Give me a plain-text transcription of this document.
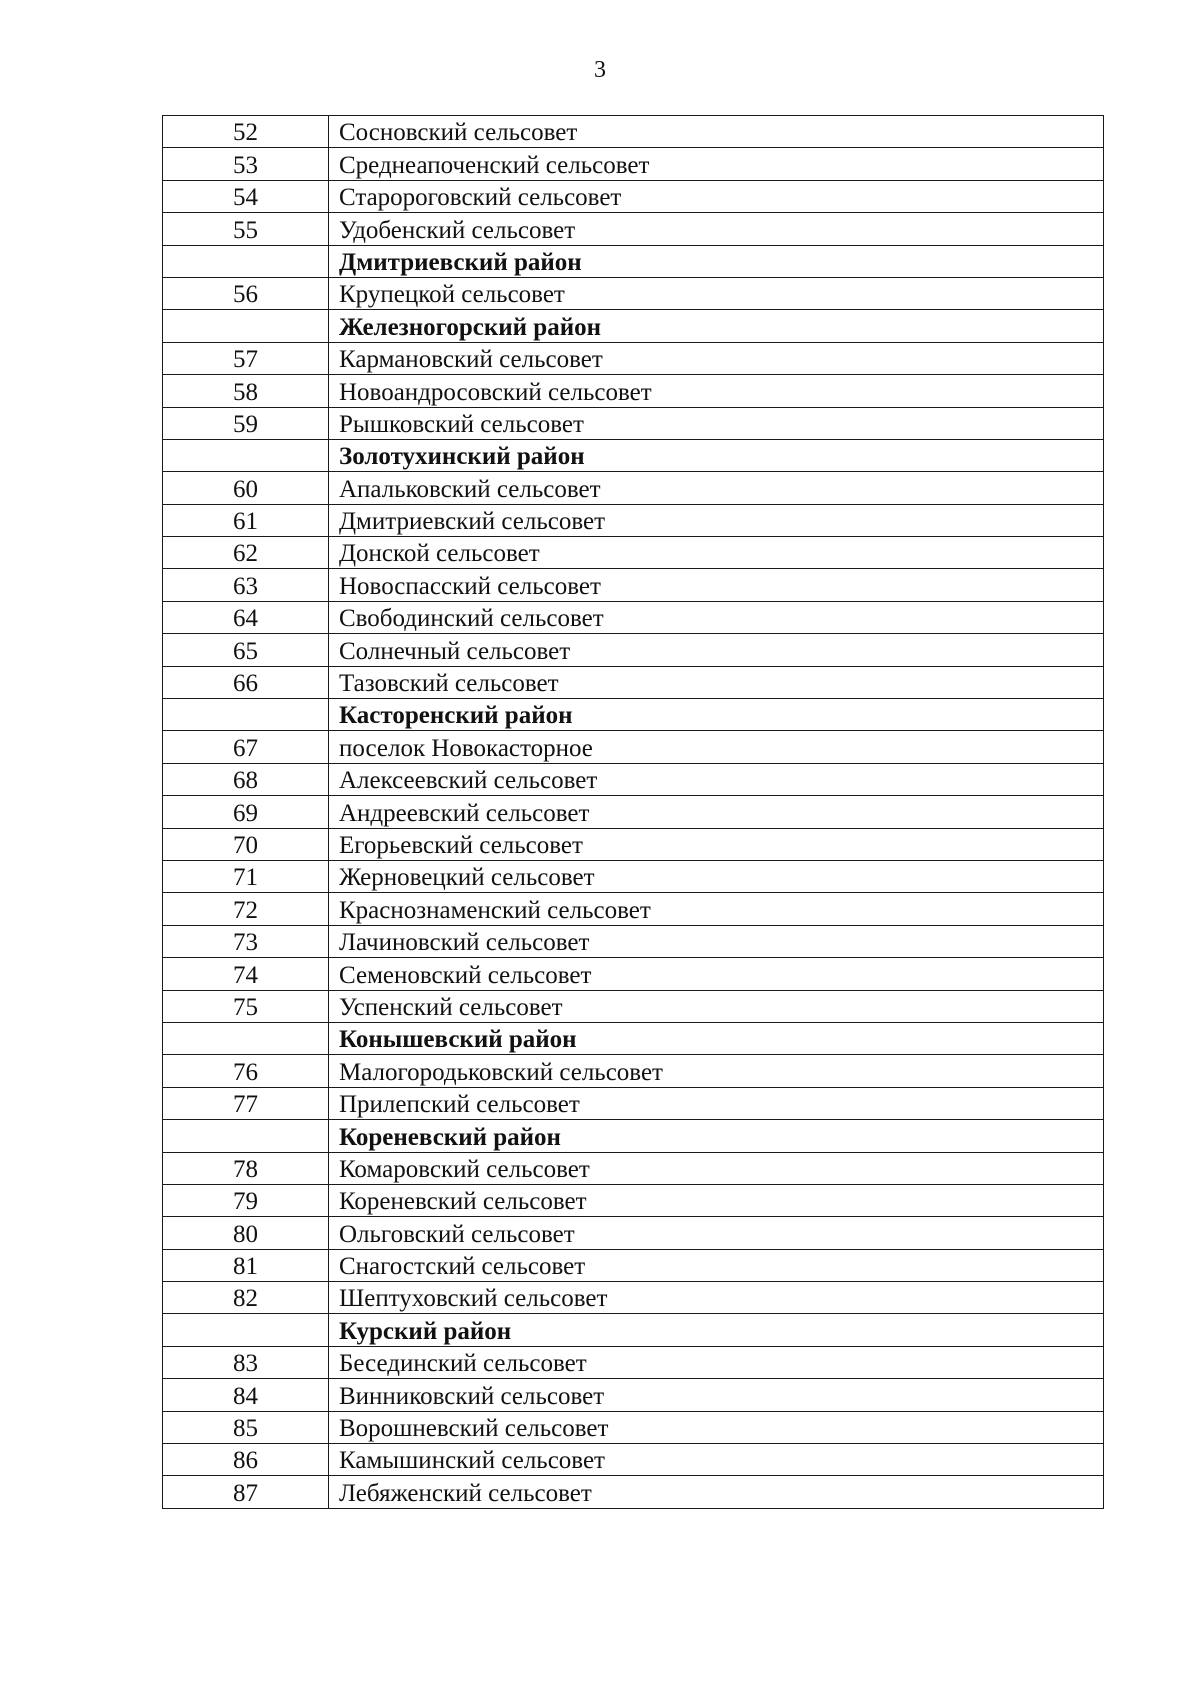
3
52	Сосновский сельсовет
53	Среднеапоченский сельсовет
54	Старороговский сельсовет
55	Удобенский сельсовет
	Дмитриевский район
56	Крупецкой сельсовет
	Железногорский район
57	Кармановский сельсовет
58	Новоандросовский сельсовет
59	Рышковский сельсовет
	Золотухинский район
60	Апальковский сельсовет
61	Дмитриевский сельсовет
62	Донской сельсовет
63	Новоспасский сельсовет
64	Свободинский сельсовет
65	Солнечный сельсовет
66	Тазовский сельсовет
	Касторенский район
67	поселок Новокасторное
68	Алексеевский сельсовет
69	Андреевский сельсовет
70	Егорьевский сельсовет
71	Жерновецкий сельсовет
72	Краснознаменский сельсовет
73	Лачиновский сельсовет
74	Семеновский сельсовет
75	Успенский сельсовет
	Конышевский район
76	Малогородьковский сельсовет
77	Прилепский сельсовет
	Кореневский район
78	Комаровский сельсовет
79	Кореневский сельсовет
80	Ольговский сельсовет
81	Снагостский сельсовет
82	Шептуховский сельсовет
	Курский район
83	Бесединский сельсовет
84	Винниковский сельсовет
85	Ворошневский сельсовет
86	Камышинский сельсовет
87	Лебяженский сельсовет
